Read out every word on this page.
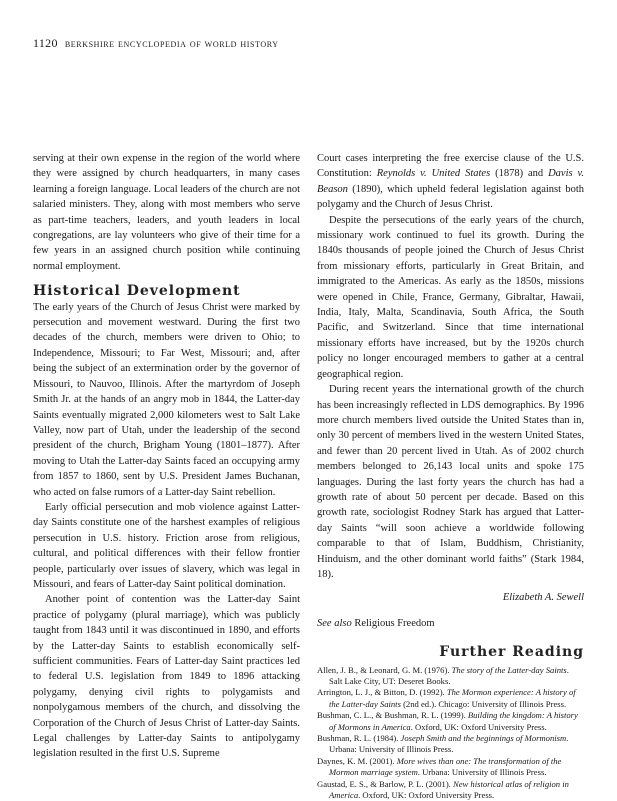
1120 berkshire encyclopedia of world history

serving at their own expense in the region of the world where they were assigned by church headquarters, in many cases learning a foreign language. Local leaders of the church are not salaried ministers. They, along with most members who serve as part-time teachers, leaders, and youth leaders in local congregations, are lay volunteers who give of their time for a few years in an assigned church position while continuing normal employment.

Historical Development

The early years of the Church of Jesus Christ were marked by persecution and movement westward. During the first two decades of the church, members were driven to Ohio; to Independence, Missouri; to Far West, Missouri; and, after being the subject of an extermination order by the governor of Missouri, to Nauvoo, Illinois. After the martyrdom of Joseph Smith Jr. at the hands of an angry mob in 1844, the Latter-day Saints eventually migrated 2,000 kilometers west to Salt Lake Valley, now part of Utah, under the leadership of the second president of the church, Brigham Young (1801–1877). After moving to Utah the Latter-day Saints faced an occupying army from 1857 to 1860, sent by U.S. President James Buchanan, who acted on false rumors of a Latter-day Saint rebellion.

Early official persecution and mob violence against Latter-day Saints constitute one of the harshest examples of religious persecution in U.S. history. Friction arose from religious, cultural, and political differences with their fellow frontier people, particularly over issues of slavery, which was legal in Missouri, and fears of Latter-day Saint political domination.

Another point of contention was the Latter-day Saint practice of polygamy (plural marriage), which was publicly taught from 1843 until it was discontinued in 1890, and efforts by the Latter-day Saints to establish economically self-sufficient communities. Fears of Latter-day Saint practices led to federal U.S. legislation from 1849 to 1896 attacking polygamy, denying civil rights to polygamists and nonpolygamous members of the church, and dissolving the Corporation of the Church of Jesus Christ of Latter-day Saints. Legal challenges by Latter-day Saints to antipolygamy legislation resulted in the first U.S. Supreme

Court cases interpreting the free exercise clause of the U.S. Constitution: Reynolds v. United States (1878) and Davis v. Beason (1890), which upheld federal legislation against both polygamy and the Church of Jesus Christ.

Despite the persecutions of the early years of the church, missionary work continued to fuel its growth. During the 1840s thousands of people joined the Church of Jesus Christ from missionary efforts, particularly in Great Britain, and immigrated to the Americas. As early as the 1850s, missions were opened in Chile, France, Germany, Gibraltar, Hawaii, India, Italy, Malta, Scandinavia, South Africa, the South Pacific, and Switzerland. Since that time international missionary efforts have increased, but by the 1920s church policy no longer encouraged members to gather at a central geographical region.

During recent years the international growth of the church has been increasingly reflected in LDS demographics. By 1996 more church members lived outside the United States than in, only 30 percent of members lived in the western United States, and fewer than 20 percent lived in Utah. As of 2002 church members belonged to 26,143 local units and spoke 175 languages. During the last forty years the church has had a growth rate of about 50 percent per decade. Based on this growth rate, sociologist Rodney Stark has argued that Latter-day Saints “will soon achieve a worldwide following comparable to that of Islam, Buddhism, Christianity, Hinduism, and the other dominant world faiths” (Stark 1984, 18).

Elizabeth A. Sewell
See also Religious Freedom
Further Reading
Allen, J. B., & Leonard, G. M. (1976). The story of the Latter-day Saints. Salt Lake City, UT: Deseret Books.
Arrington, L. J., & Bitton, D. (1992). The Mormon experience: A history of the Latter-day Saints (2nd ed.). Chicago: University of Illinois Press.
Bushman, C. L., & Bushman, R. L. (1999). Building the kingdom: A history of Mormons in America. Oxford, UK: Oxford University Press.
Bushman, R. L. (1984). Joseph Smith and the beginnings of Mormonism. Urbana: University of Illinois Press.
Daynes, K. M. (2001). More wives than one: The transformation of the Mormon marriage system. Urbana: University of Illinois Press.
Gaustad, E. S., & Barlow, P. L. (2001). New historical atlas of religion in America. Oxford, UK: Oxford University Press.
